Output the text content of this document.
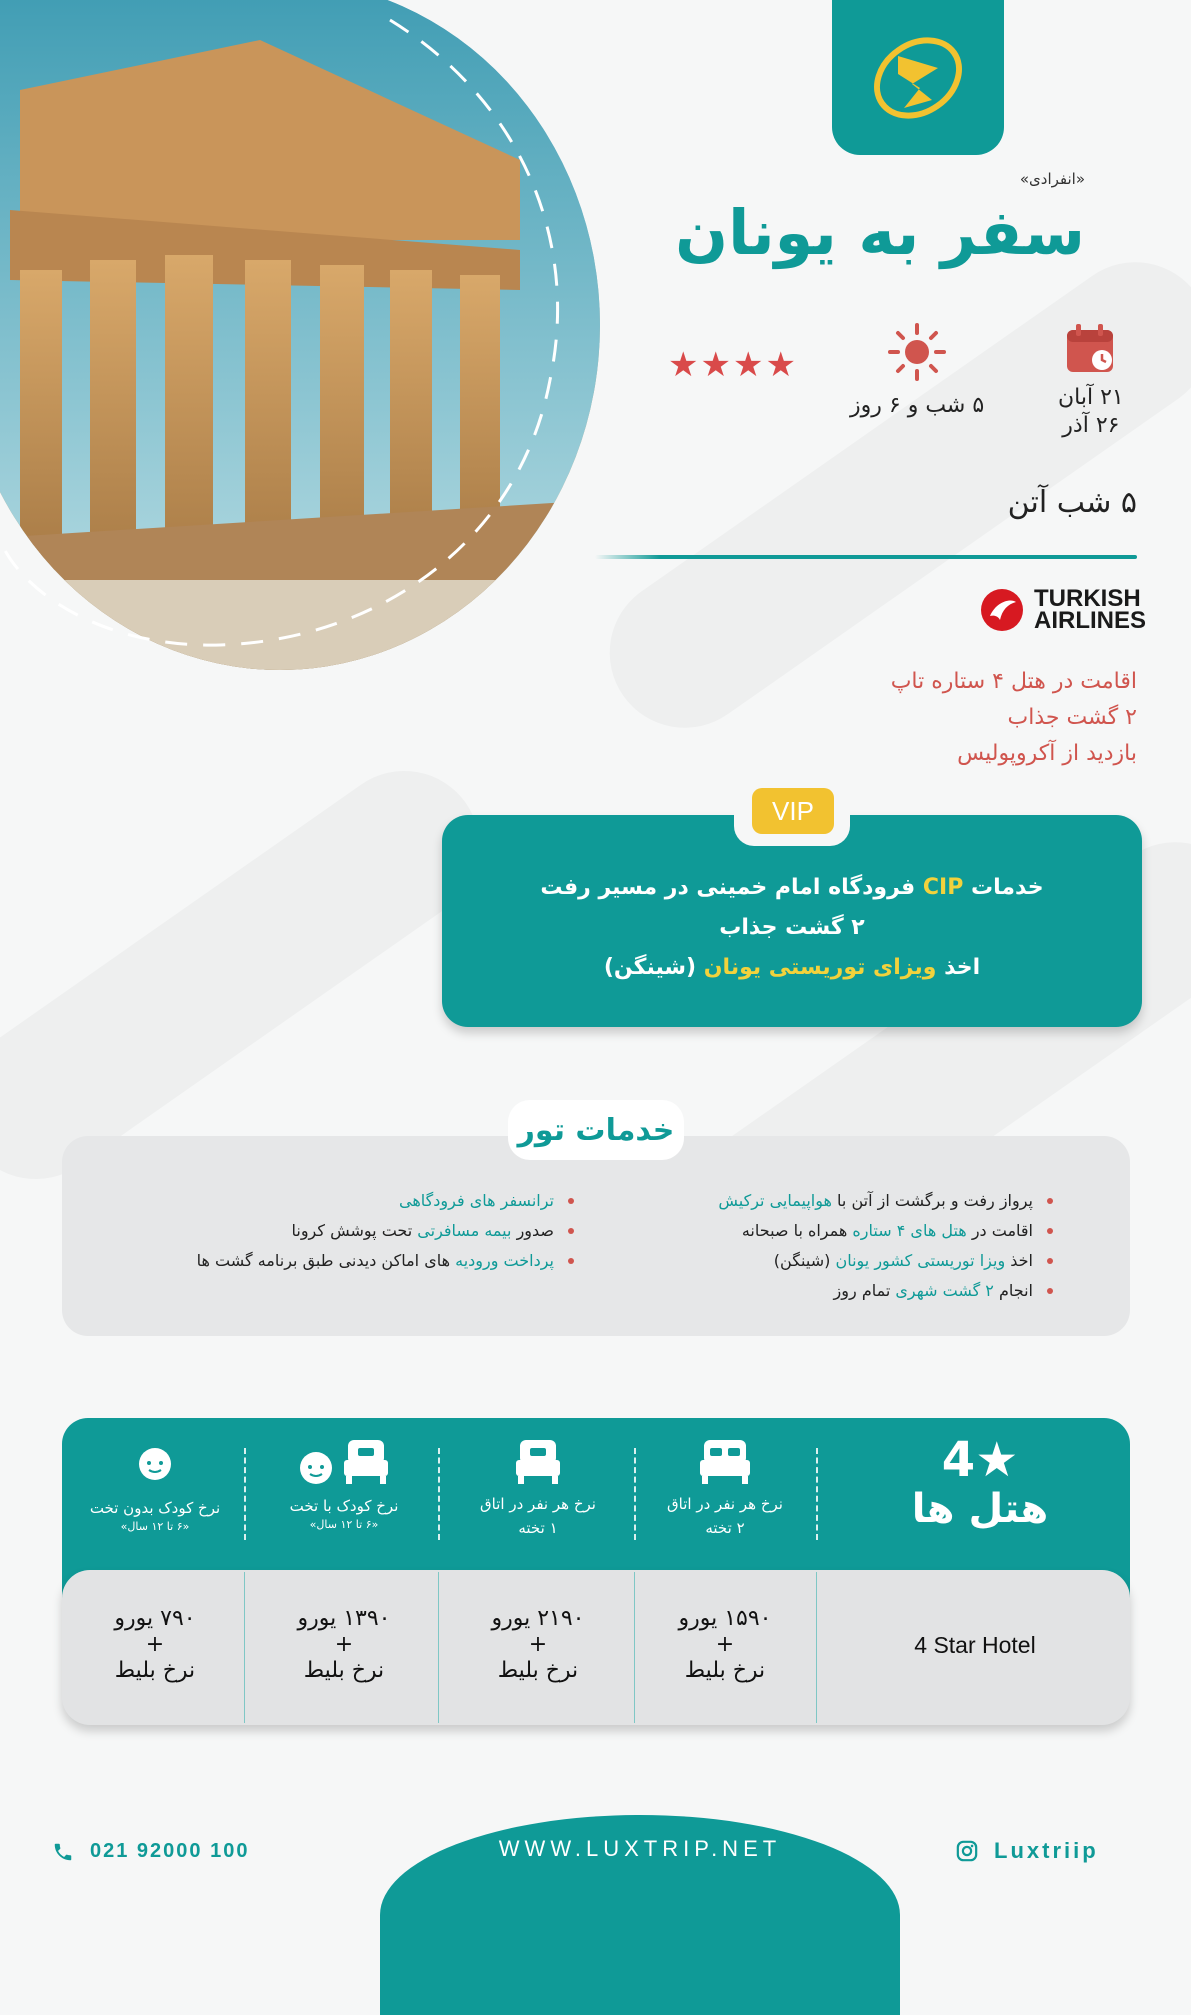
«انفرادی»
سفر به یونان
۲۱ آبان
۲۶ آذر
۵ شب و ۶ روز
★★★★
۵ شب آتن
TURKISH
AIRLINES
اقامت در هتل ۴ ستاره تاپ
۲ گشت جذاب
بازدید از آکروپولیس
VIP
خدمات CIP فرودگاه امام خمینی در مسیر رفت
۲ گشت جذاب
اخذ ویزای توریستی یونان (شینگن)
خدمات تور
پرواز رفت و برگشت از آتن با هواپیمایی ترکیش
اقامت در هتل های ۴ ستاره همراه با صبحانه
اخذ ویزا توریستی کشور یونان (شینگن)
انجام ۲ گشت شهری تمام روز
ترانسفر های فرودگاهی
صدور بیمه مسافرتی تحت پوشش کرونا
پرداخت ورودیه های اماکن دیدنی طبق برنامه گشت ها
4★
هتل ها
نرخ هر نفر در اتاق
۲ تخته
نرخ هر نفر در اتاق
۱ تخته
نرخ کودک با تخت
«۶ تا ۱۲ سال»
نرخ کودک بدون تخت
«۶ تا ۱۲ سال»
4 Star Hotel
۱۵۹۰ یورو
+
نرخ بلیط
۲۱۹۰ یورو
+
نرخ بلیط
۱۳۹۰ یورو
+
نرخ بلیط
۷۹۰ یورو
+
نرخ بلیط
WWW.LUXTRIP.NET
021 92000 100	Luxtriip
